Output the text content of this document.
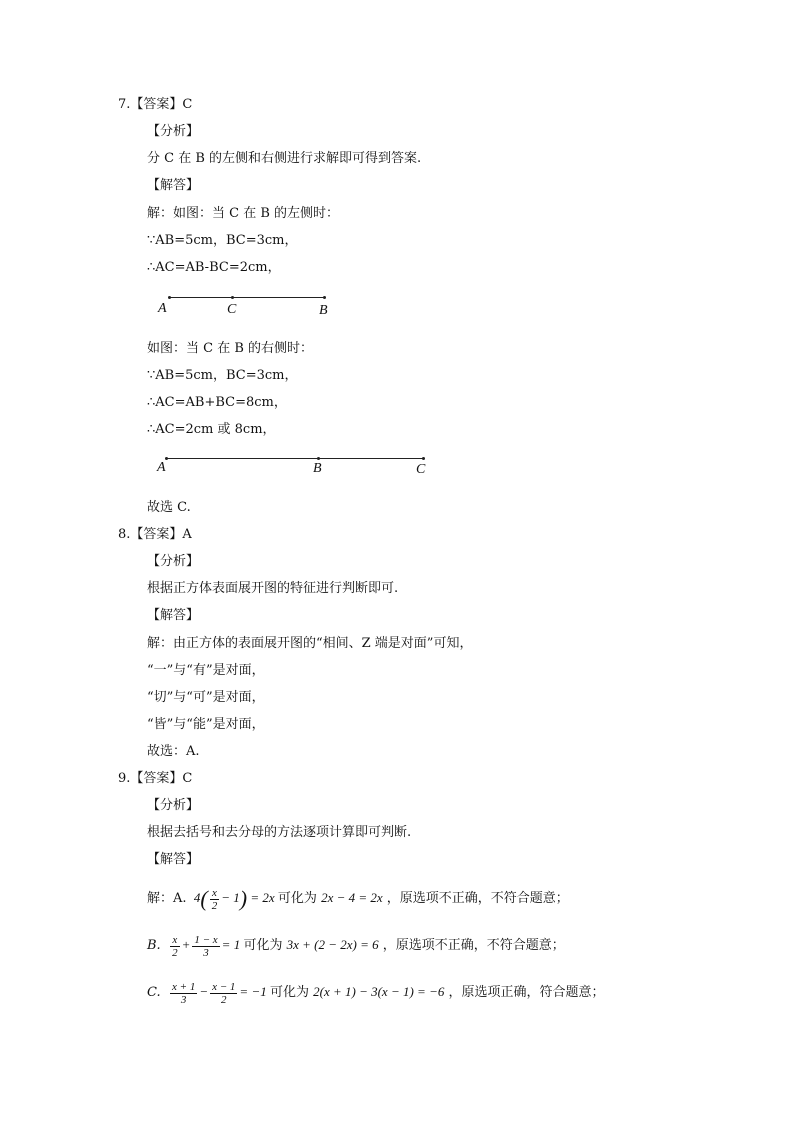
7.【答案】C
【分析】
分 C 在 B 的左侧和右侧进行求解即可得到答案.
【解答】
解：如图：当 C 在 B 的左侧时：
∵AB=5cm，BC=3cm，
∴AC=AB-BC=2cm，
A	C	B
如图：当 C 在 B 的右侧时：
∵AB=5cm，BC=3cm，
∴AC=AB+BC=8cm，
∴AC=2cm 或 8cm，
A	B	C
故选 C.
8.【答案】A
【分析】
根据正方体表面展开图的特征进行判断即可.
【解答】
解：由正方体的表面展开图的“相间、Z 端是对面”可知，
“一”与“有”是对面，
“切”与“可”是对面，
“皆”与“能”是对面，
故选：A.
9.【答案】C
【分析】
根据去括号和去分母的方法逐项计算即可判断.
【解答】
解：A.  $4( \frac{x}{2} - 1) = 2x$ 可化为 2x − 4 = 2x ，原选项不正确，不符合题意；
B. $\frac{x}{2} + \frac{1 - x}{3} = 1$ 可化为 3x + (2 − 2x) = 6 ，原选项不正确，不符合题意；
C. $\frac{x + 1}{3} - \frac{x - 1}{2} = -1$ 可化为 2(x + 1) − 3(x − 1) = −6 ，原选项正确，符合题意；
